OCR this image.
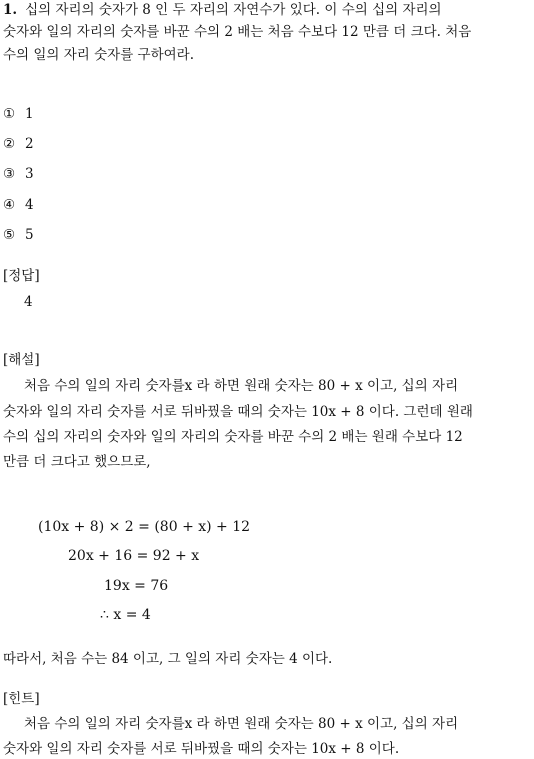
1. 십의 자리의 숫자가 8 인 두 자리의 자연수가 있다. 이 수의 십의 자리의
숫자와 일의 자리의 숫자를 바꾼 수의 2 배는 처음 수보다 12 만큼 더 크다. 처음
수의 일의 자리 숫자를 구하여라.
① 1
② 2
③ 3
④ 4
⑤ 5
[정답]
4
[해설]
처음 수의 일의 자리 숫자를x 라 하면 원래 숫자는 80 + x 이고, 십의 자리
숫자와 일의 자리 숫자를 서로 뒤바꿨을 때의 숫자는 10x + 8 이다. 그런데 원래
수의 십의 자리의 숫자와 일의 자리의 숫자를 바꾼 수의 2 배는 원래 수보다 12
만큼 더 크다고 했으므로,
(10x + 8) × 2 = (80 + x) + 12
20x + 16 = 92 + x
19x = 76
∴ x = 4
따라서, 처음 수는 84 이고, 그 일의 자리 숫자는 4 이다.
[힌트]
처음 수의 일의 자리 숫자를x 라 하면 원래 숫자는 80 + x 이고, 십의 자리
숫자와 일의 자리 숫자를 서로 뒤바꿨을 때의 숫자는 10x + 8 이다.
